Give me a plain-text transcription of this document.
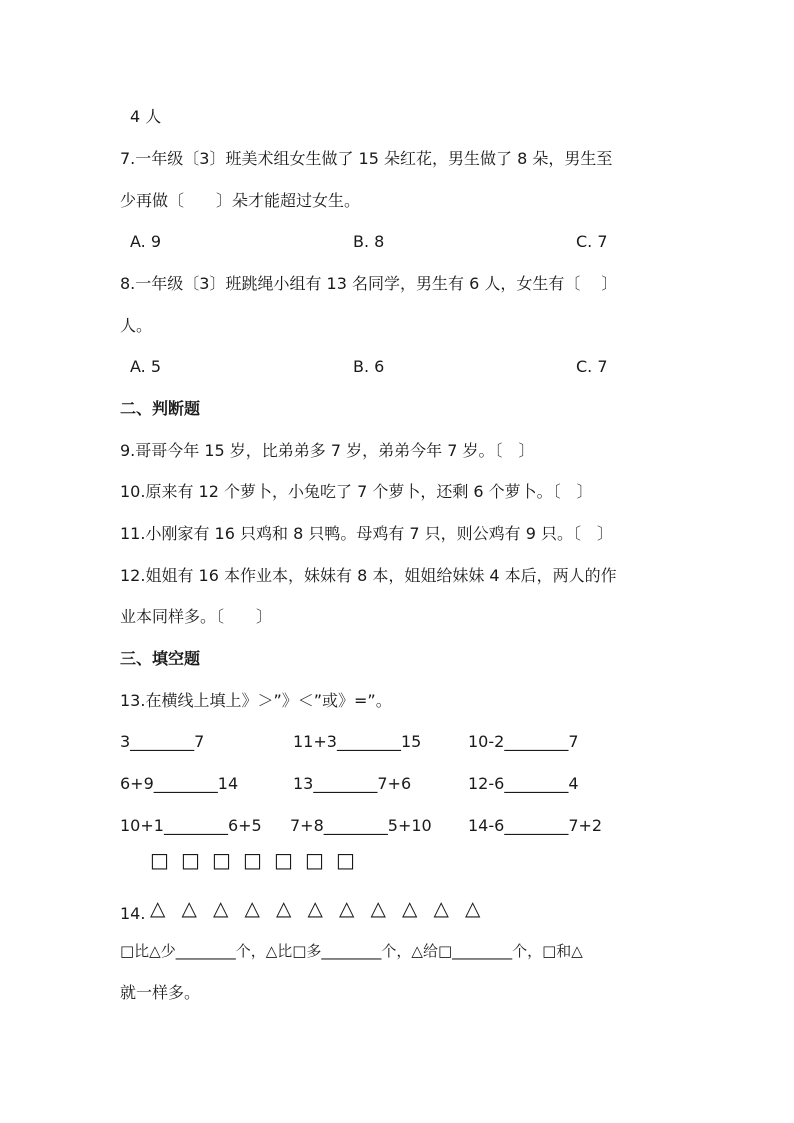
4 人
7.一年级〔3〕班美术组女生做了 15 朵红花，男生做了 8 朵，男生至
少再做〔　　〕朵才能超过女生。
A. 9	B. 8	C. 7
8.一年级〔3〕班跳绳小组有 13 名同学，男生有 6 人，女生有〔　 〕
人。
A. 5	B. 6	C. 7
二、判断题
9.哥哥今年 15 岁，比弟弟多 7 岁，弟弟今年 7 岁。〔　〕
10.原来有 12 个萝卜，小兔吃了 7 个萝卜，还剩 6 个萝卜。〔　〕
11.小刚家有 16 只鸡和 8 只鸭。母鸡有 7 只，则公鸡有 9 只。〔　〕
12.姐姐有 16 本作业本，妹妹有 8 本，姐姐给妹妹 4 本后，两人的作
业本同样多。〔　　〕
三、填空题
13.在横线上填上》＞”》＜”或》=”。
3________7	11+3________15	10-2________7
6+9________14	13________7+6	12-6________4
10+1________6+5 7+8________5+10 14-6________7+2
□ □ □ □ □ □ □
14. △ △ △ △ △ △ △ △ △ △ △
□比△少________个，△比□多________个，△给□________个，□和△
就一样多。
